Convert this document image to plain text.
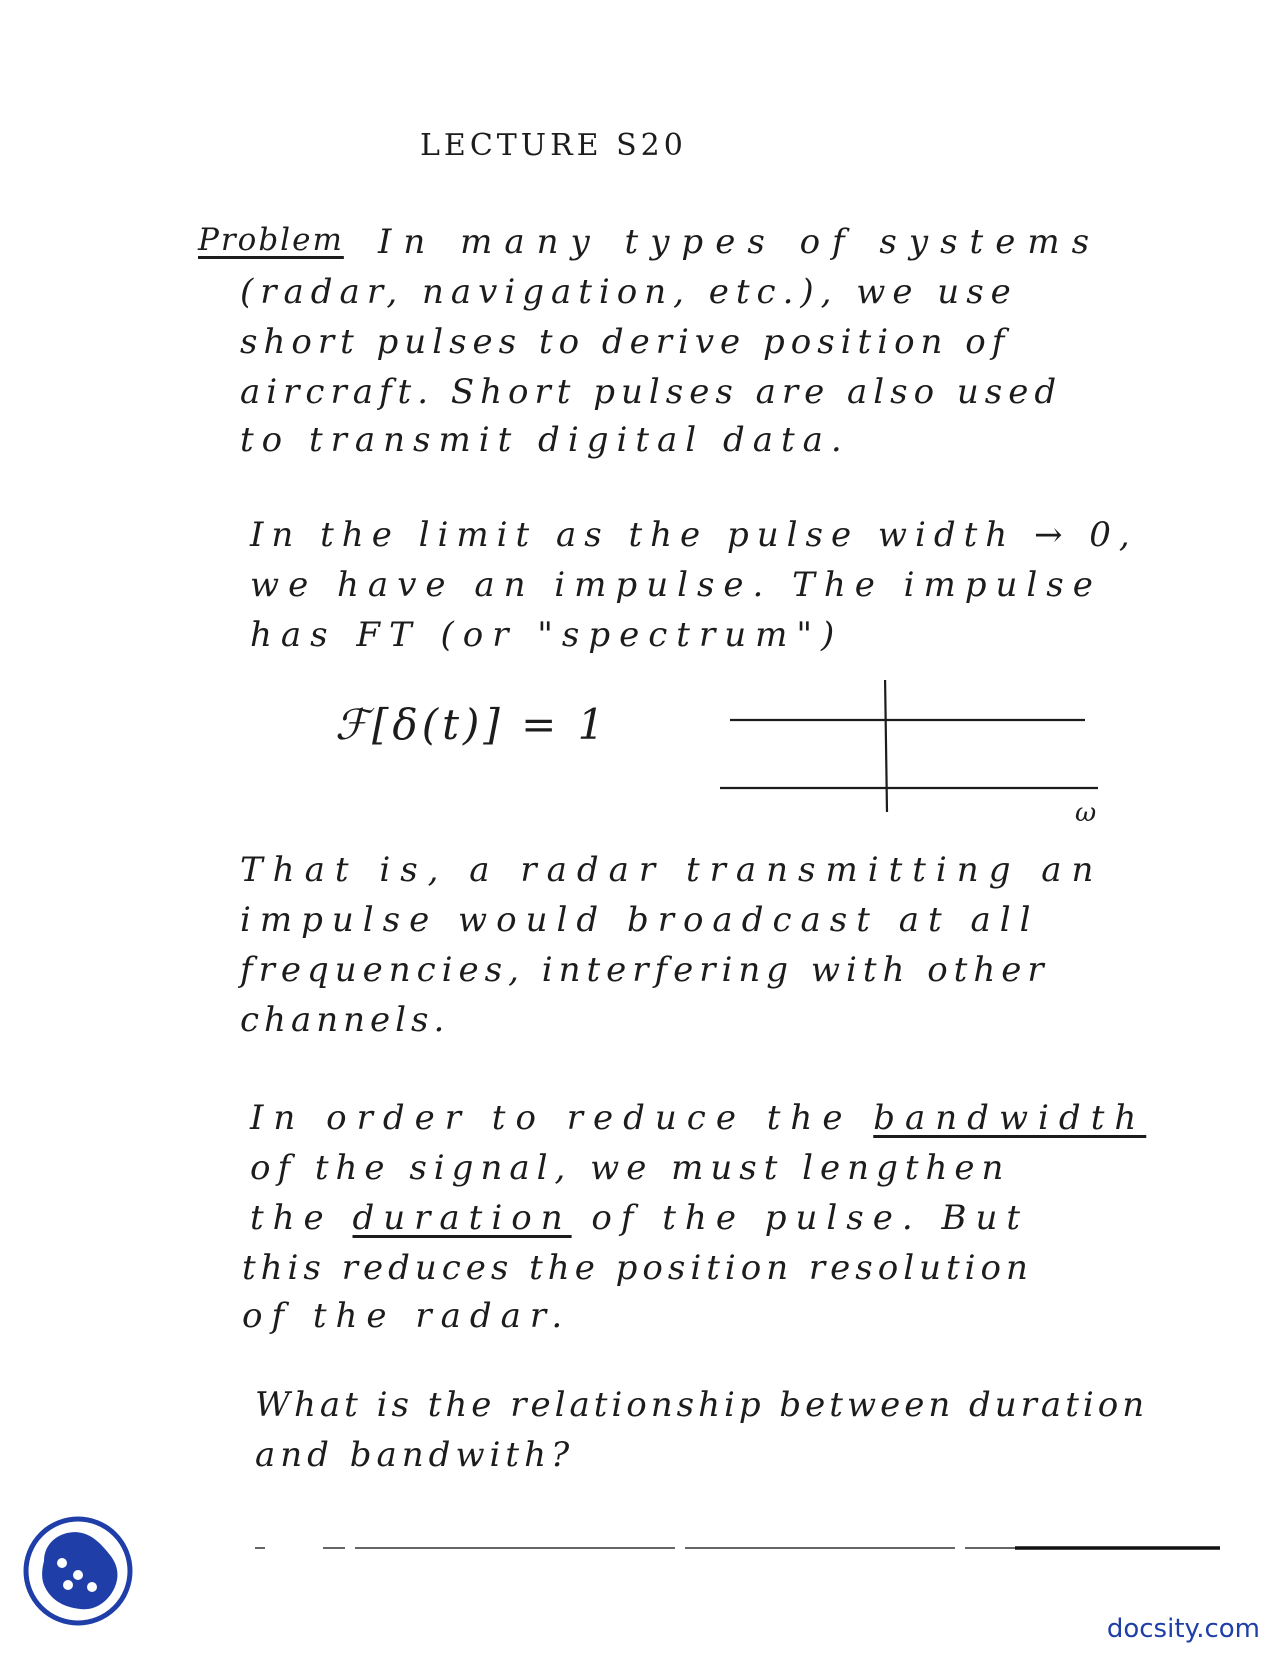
LECTURE S20
Problem In many types of systems
(radar, navigation, etc.), we use
short pulses to derive position of
aircraft. Short pulses are also used
to transmit digital data.
In the limit as the pulse width → 0,
we have an impulse. The impulse
has FT (or "spectrum")
ℱ[δ(t)] = 1
ω
That is, a radar transmitting an
impulse would broadcast at all
frequencies, interfering with other
channels.
In order to reduce the bandwidth
of the signal, we must lengthen
the duration of the pulse. But
this reduces the position resolution
of the radar.
What is the relationship between duration
and bandwith?
docsity.com
